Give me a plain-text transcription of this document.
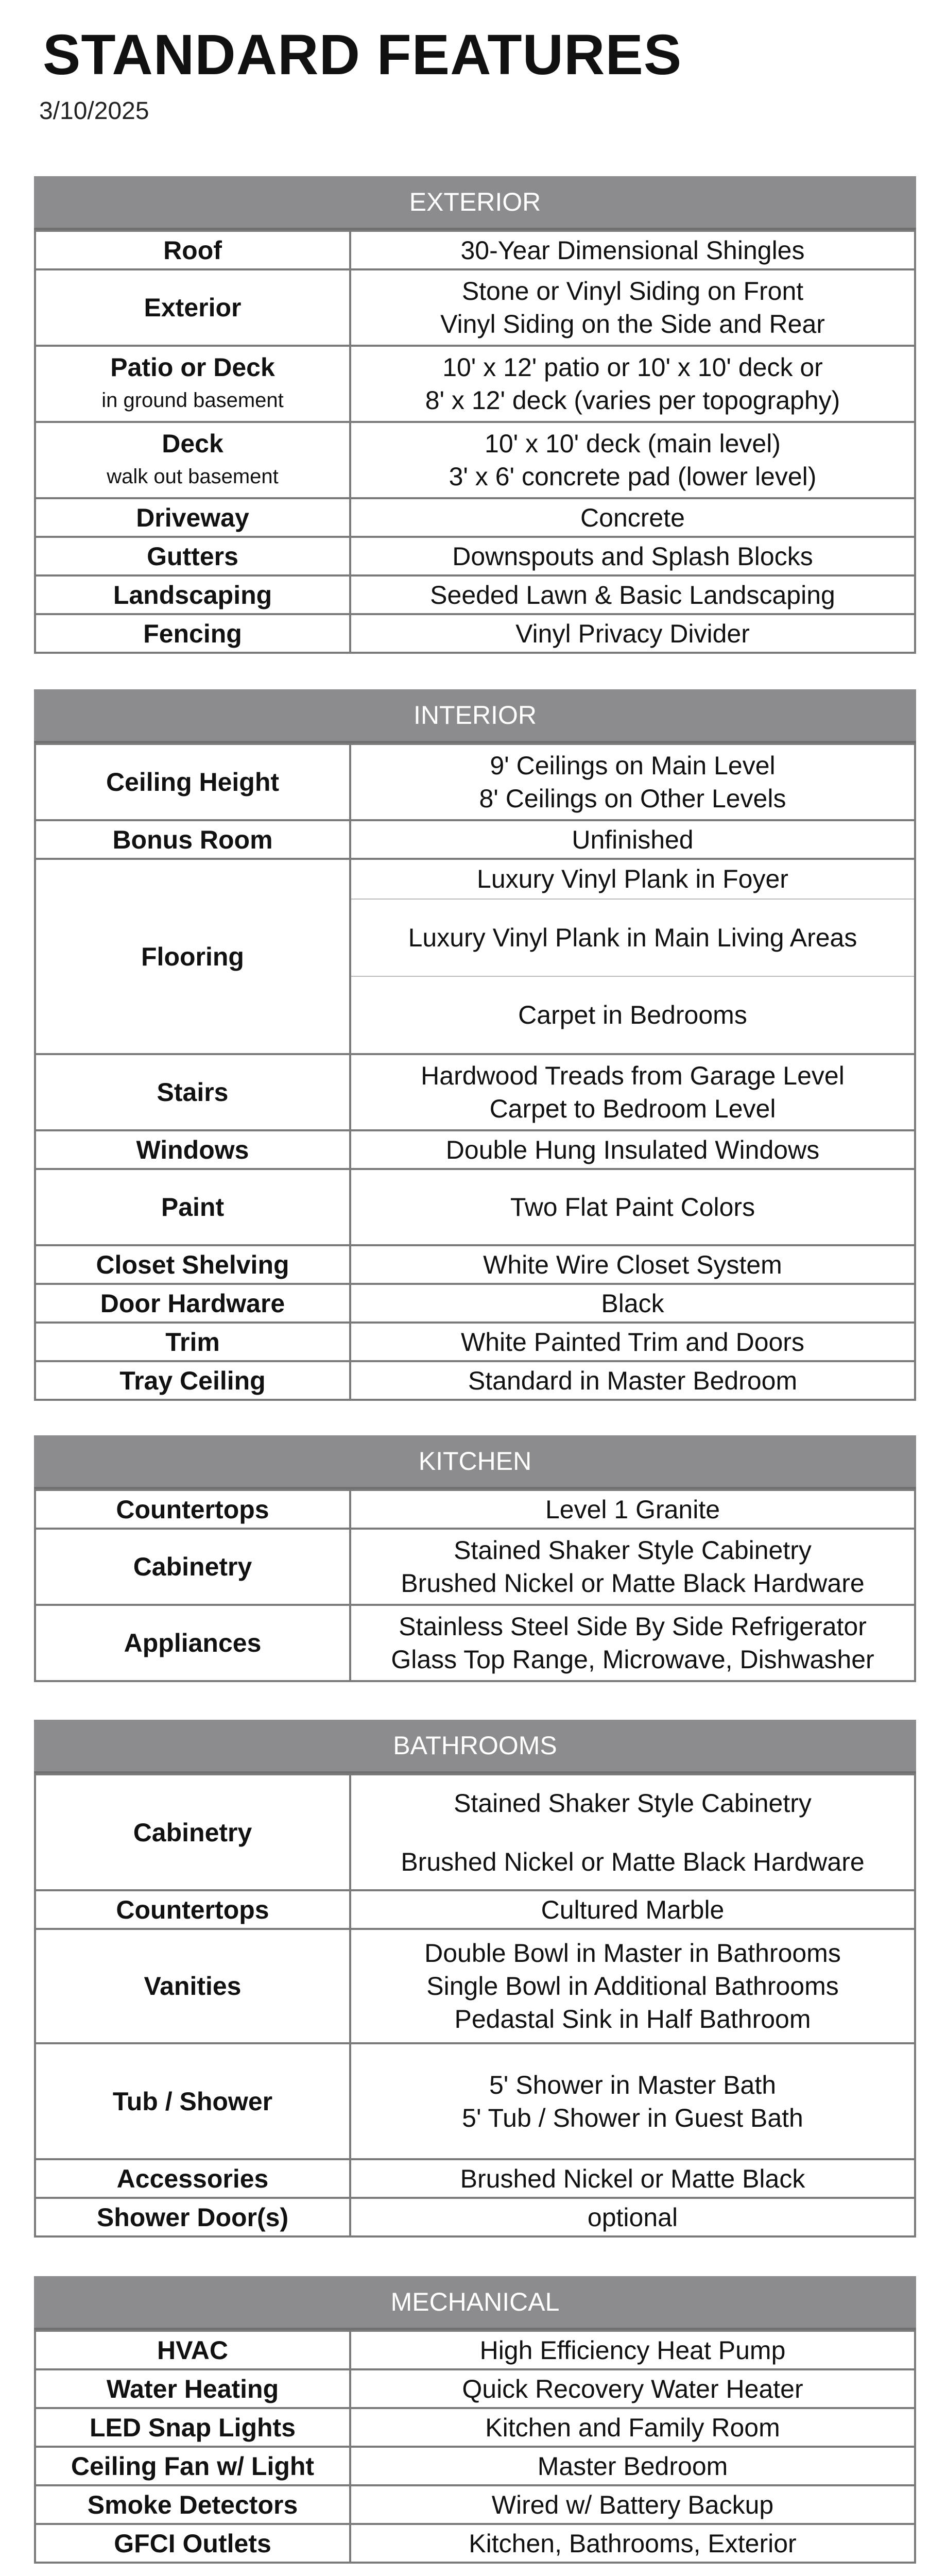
STANDARD FEATURES
3/10/2025
EXTERIOR
Roof	30-Year Dimensional Shingles

Exterior	Stone or Vinyl Siding on Front
Vinyl Siding on the Side and Rear

Patio or Deck
in ground basement	10' x 12' patio or 10' x 10' deck or
8' x 12' deck (varies per topography)

Deck
walk out basement	10' x 10' deck (main level)
3' x 6' concrete pad (lower level)

Driveway	Concrete

Gutters	Downspouts and Splash Blocks

Landscaping	Seeded Lawn & Basic Landscaping

Fencing	Vinyl Privacy Divider
INTERIOR
Ceiling Height	9' Ceilings on Main Level
8' Ceilings on Other Levels

Bonus Room	Unfinished

Flooring	Luxury Vinyl Plank in Foyer
Luxury Vinyl Plank in Main Living Areas
Carpet in Bedrooms

Stairs	Hardwood Treads from Garage Level
Carpet to Bedroom Level

Windows	Double Hung Insulated Windows

Paint	Two Flat Paint Colors

Closet Shelving	White Wire Closet System

Door Hardware	Black

Trim	White Painted Trim and Doors

Tray Ceiling	Standard in Master Bedroom
KITCHEN
Countertops	Level 1 Granite

Cabinetry	Stained Shaker Style Cabinetry
Brushed Nickel or Matte Black Hardware

Appliances	Stainless Steel Side By Side Refrigerator
Glass Top Range, Microwave, Dishwasher
BATHROOMS
Cabinetry	Stained Shaker Style Cabinetry
Brushed Nickel or Matte Black Hardware

Countertops	Cultured Marble

Vanities	Double Bowl in Master in Bathrooms
Single Bowl in Additional Bathrooms
Pedastal Sink in Half Bathroom

Tub / Shower	5' Shower in Master Bath
5' Tub / Shower in Guest Bath

Accessories	Brushed Nickel or Matte Black

Shower Door(s)	optional
MECHANICAL
HVAC	High Efficiency Heat Pump

Water Heating	Quick Recovery Water Heater

LED Snap Lights	Kitchen and Family Room

Ceiling Fan w/ Light	Master Bedroom

Smoke Detectors	Wired w/ Battery Backup

GFCI Outlets	Kitchen, Bathrooms, Exterior
